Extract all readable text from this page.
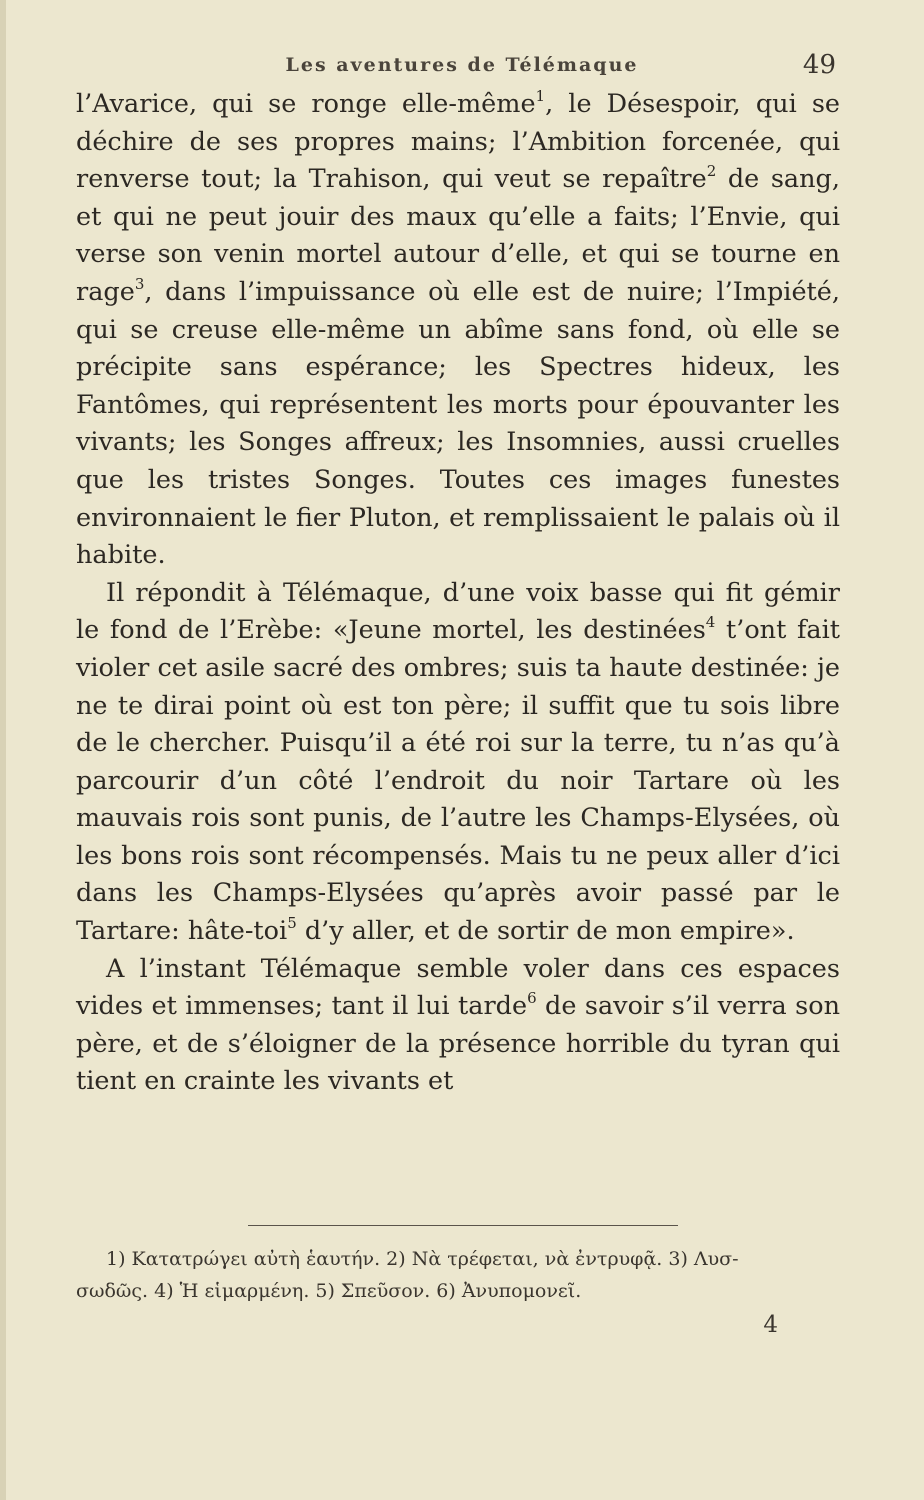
Les aventures de Télémaque	49

l’Avarice, qui se ronge elle-même$^1$, le Désespoir, qui se déchire de ses propres mains; l’Ambition forcenée, qui renverse tout; la Trahison, qui veut se repaître$^2$ de sang, et qui ne peut jouir des maux qu’elle a faits; l’Envie, qui verse son venin mortel autour d’elle, et qui se tourne en rage$^3$, dans l’impuissance où elle est de nuire; l’Impiété, qui se creuse elle-même un abîme sans fond, où elle se précipite sans espérance; les Spectres hideux, les Fantômes, qui représentent les morts pour épouvanter les vivants; les Songes affreux; les Insomnies, aussi cruelles que les tristes Songes. Toutes ces images funestes environnaient le fier Pluton, et remplissaient le palais où il habite.

Il répondit à Télémaque, d’une voix basse qui fit gémir le fond de l’Erèbe: «Jeune mortel, les destinées$^4$ t’ont fait violer cet asile sacré des ombres; suis ta haute destinée: je ne te dirai point où est ton père; il suffit que tu sois libre de le chercher. Puisqu’il a été roi sur la terre, tu n’as qu’à parcourir d’un côté l’endroit du noir Tartare où les mauvais rois sont punis, de l’autre les Champs-Elysées, où les bons rois sont récompensés. Mais tu ne peux aller d’ici dans les Champs-Elysées qu’après avoir passé par le Tartare: hâte-toi$^5$ d’y aller, et de sortir de mon empire».

A l’instant Télémaque semble voler dans ces espaces vides et immenses; tant il lui tarde$^6$ de savoir s’il verra son père, et de s’éloigner de la présence horrible du tyran qui tient en crainte les vivants et

1) Κατατρώγει αὐτὴ ἑαυτήν. 2) Νὰ τρέφεται, νὰ ἐντρυφᾷ. 3) Λυσ-
σωδῶς. 4) Ἡ εἱμαρμένη. 5) Σπεῦσον. 6) Ἀνυπομονεῖ.
4
